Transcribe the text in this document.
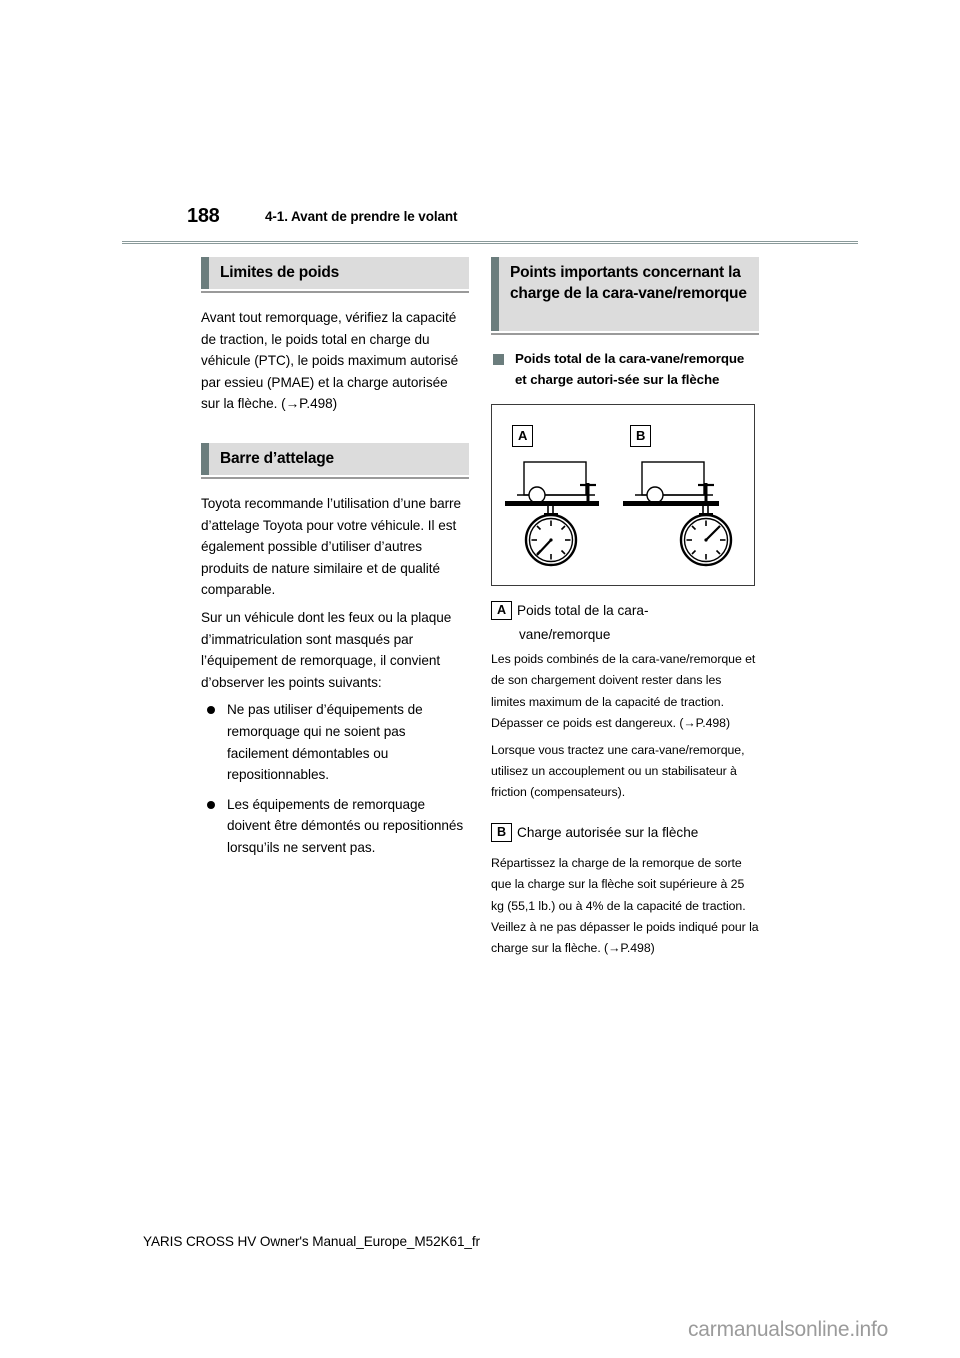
188	4-1. Avant de prendre le volant
Limites de poids

Avant tout remorquage, vérifiez la capacité de traction, le poids total en charge du véhicule (PTC), le poids maximum autorisé par essieu (PMAE) et la charge autorisée sur la flèche. (→P.498)

Barre d’attelage

Toyota recommande l’utilisation d’une barre d’attelage Toyota pour votre véhicule. Il est également possible d’utiliser d’autres produits de nature similaire et de qualité comparable.

Sur un véhicule dont les feux ou la plaque d’immatriculation sont masqués par l’équipement de remorquage, il convient d’observer les points suivants:

Ne pas utiliser d’équipements de remorquage qui ne soient pas facilement démontables ou repositionnables.
Les équipements de remorquage doivent être démontés ou repositionnés lorsqu’ils ne servent pas.
Points importants concernant la charge de la cara-vane/remorque
Poids total de la cara-vane/remorque et charge autori-sée sur la flèche
A	B
A Poids total de la cara-
vane/remorque

Les poids combinés de la cara-vane/remorque et de son chargement doivent rester dans les limites maximum de la capacité de traction. Dépasser ce poids est dangereux. (→P.498)

Lorsque vous tractez une cara-vane/remorque, utilisez un accouplement ou un stabilisateur à friction (compensateurs).

B Charge autorisée sur la flèche

Répartissez la charge de la remorque de sorte que la charge sur la flèche soit supérieure à 25 kg (55,1 lb.) ou à 4% de la capacité de traction. Veillez à ne pas dépasser le poids indiqué pour la charge sur la flèche. (→P.498)

YARIS CROSS HV Owner's Manual_Europe_M52K61_fr
carmanualsonline.info
